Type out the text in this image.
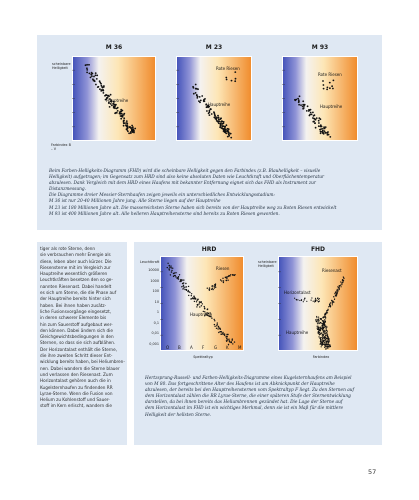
M 36	M 23	M 93
Hauptreihe
Rote Riesen
Hauptreihe
Rote Riesen
Hauptreihe
scheinbare Helligkeit
Farbindex B – V
Beim Farben-Helligkeits-Diagramm (FHD) wird die scheinbare Helligkeit gegen den Farbindex (z.B. Blauhelligkeit – visuelle
Helligkeit) aufgetragen; im Gegensatz zum HRD sind also keine absoluten Daten wie Leuchtkraft und Oberflächentemperatur
abzulesen. Dank Vergleich mit dem HRD eines Haufens mit bekannter Entfernung eignet sich das FHD als Instrument zur
Distanzmessung.
Die Diagramme dreier Messier-Sternhaufen zeigen jeweils ein unterschiedliches Entwicklungsstadium:
M 36 ist nur 20-40 Millionen Jahre jung. Alle Sterne liegen auf der Hauptreihe
M 23 ist 180 Millionen Jahre alt. Die massereichsten Sterne haben sich bereits von der Hauptreihe weg zu Roten Riesen entwickelt
M 93 ist 400 Millionen Jahre alt. Alle helleren Hauptreihensterne sind bereits zu Roten Riesen geworden.
tiger als rote Sterne, denn
sie verbrauchen mehr Energie als
diese, leben aber auch kürzer. Die
Riesensterne mit im Vergleich zur
Hauptreihe wesentlich größeren
Leuchtkräften besetzen den so ge-
nannten Riesenast. Dabei handelt
es sich um Sterne, die die Phase auf
der Hauptreihe bereits hinter sich
haben. Bei ihnen haben zusätz-
liche Fusionsvorgänge eingesetzt,
in deren schwerer Elemente bis
hin zum Sauerstoff aufgebaut wer-
den können. Dabei ändern sich die
Gleichgewichtsbedingungen in den
Sternen, so dass sie sich aufblähen.
Der Horizontalast enthält die Sterne,
die ihre zweiten Schritt dieser Ent-
wicklung bereits haben, bei Heliumbren-
nen. Dabei wandern die Sterne blauer
und verlassen den Riesenast. Zum
Horizontalast gehören auch die in
Kugelsternhaufen zu findenden RR
Lyrae-Sterne. Wenn die Fusion von
Helium zu Kohlenstoff und Sauer-
stoff im Kern erlischt, wandern die
HRD	FHD
Riesen
Hauptreihe
O B A F G K M
Riesenast
Horizontalast
Hauptreihe
Leuchtkraft
10000
1000
100
10
1
0,1
0,01
0,001
Spektraltyp
scheinbare Helligkeit
Farbindex
Hertzsprung-Russell- und Farben-Helligkeits-Diagramme eines Kugelsternhaufens am Beispiel
von M 80. Das fortgeschrittene Alter des Haufens ist am Abknickpunkt der Hauptreihe
abzulesen, der bereits bei den Hauptreihensternen vom Spektraltyp F liegt. Zu den Sternen auf
dem Horizontalast zählen die RR Lyrae-Sterne, die einer späteren Stufe der Sternentwicklung
darstellen, da bei ihnen bereits das Heliumbrennen gezündet hat. Die Lage der Sterne auf
dem Horizontalast im FHD ist ein wichtiges Merkmal, denn sie ist ein Maß für die mittlere
Helligkeit der hellsten Sterne.
57
